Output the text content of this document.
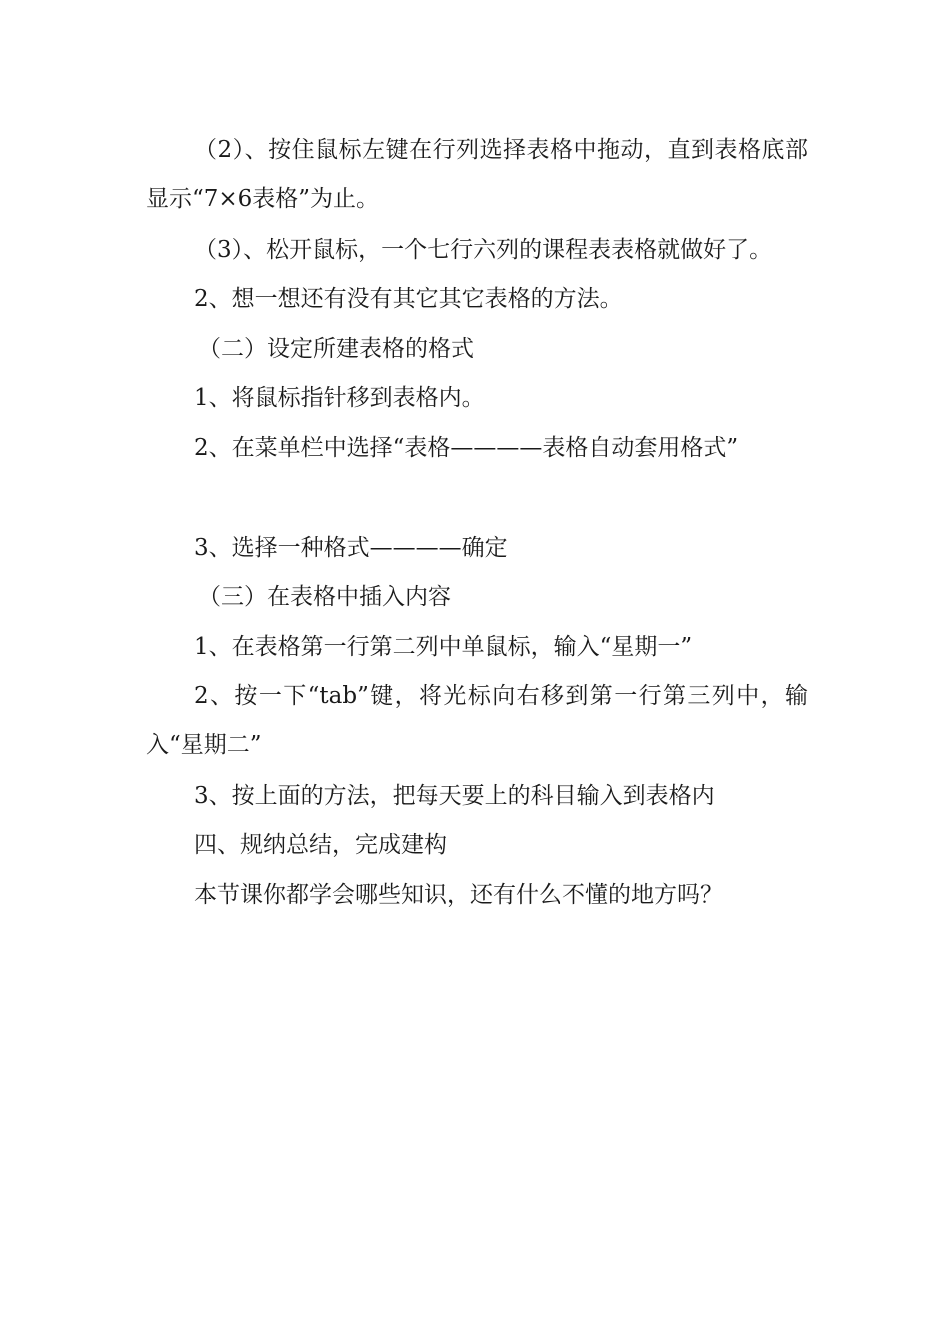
（2）、按住鼠标左键在行列选择表格中拖动，直到表格底部显示“7×6表格”为止。

（3）、松开鼠标，一个七行六列的课程表表格就做好了。

2、想一想还有没有其它其它表格的方法。

（二）设定所建表格的格式

1、将鼠标指针移到表格内。

2、在菜单栏中选择“表格————表格自动套用格式”

3、选择一种格式————确定

（三）在表格中插入内容

1、在表格第一行第二列中单鼠标，输入“星期一”

2、按一下“tab”键，将光标向右移到第一行第三列中，输入“星期二”

3、按上面的方法，把每天要上的科目输入到表格内

四、规纳总结，完成建构

本节课你都学会哪些知识，还有什么不懂的地方吗？
